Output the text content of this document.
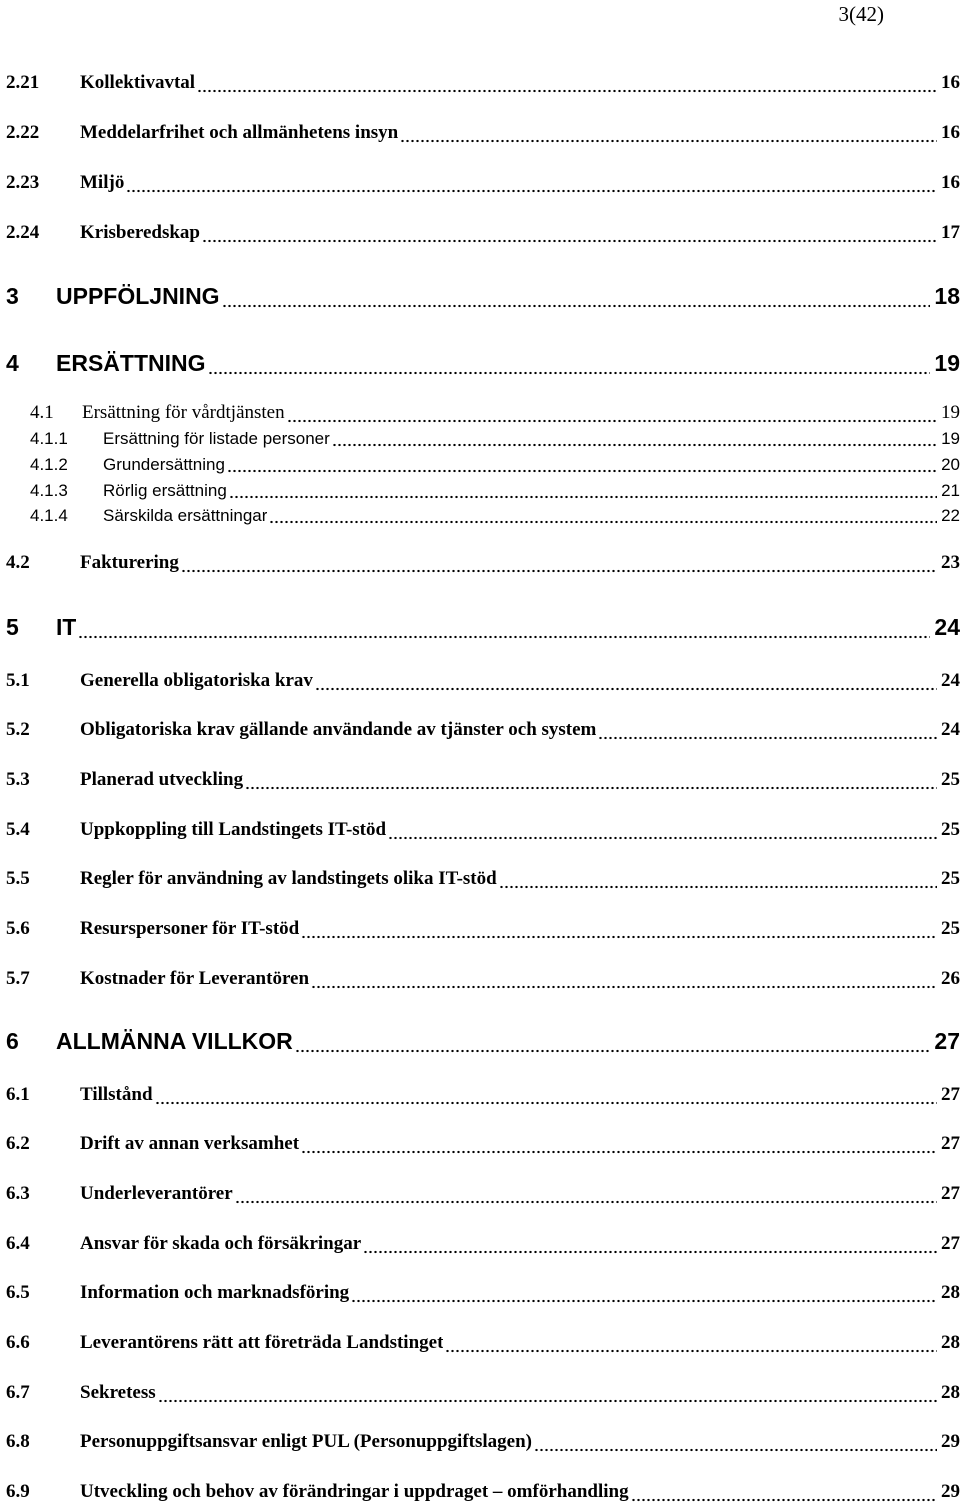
3(42)
2.21	Kollektivavtal	16
2.22	Meddelarfrihet och allmänhetens insyn	16
2.23	Miljö	16
2.24	Krisberedskap	17
3	UPPFÖLJNING	18
4	ERSÄTTNING	19
4.1	Ersättning för vårdtjänsten	19
4.1.1	Ersättning för listade personer	19
4.1.2	Grundersättning	20
4.1.3	Rörlig ersättning	21
4.1.4	Särskilda ersättningar	22
4.2	Fakturering	23
5	IT	24
5.1	Generella obligatoriska krav	24
5.2	Obligatoriska krav gällande användande av tjänster och system	24
5.3	Planerad utveckling	25
5.4	Uppkoppling till Landstingets IT-stöd	25
5.5	Regler för användning av landstingets olika IT-stöd	25
5.6	Resurspersoner för IT-stöd	25
5.7	Kostnader för Leverantören	26
6	ALLMÄNNA VILLKOR	27
6.1	Tillstånd	27
6.2	Drift av annan verksamhet	27
6.3	Underleverantörer	27
6.4	Ansvar för skada och försäkringar	27
6.5	Information och marknadsföring	28
6.6	Leverantörens rätt att företräda Landstinget	28
6.7	Sekretess	28
6.8	Personuppgiftsansvar enligt PUL (Personuppgiftslagen)	29
6.9	Utveckling och behov av förändringar i uppdraget – omförhandling	29
